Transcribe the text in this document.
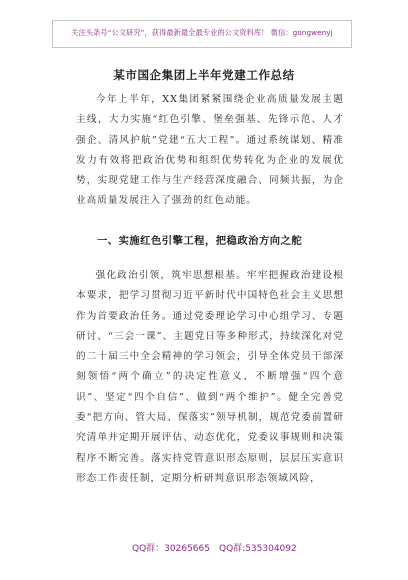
关注头条号“公文研究”，获得最新最全最专业的公文资料库！ 微信：gongwenyj
某市国企集团上半年党建工作总结

今年上半年，XX集团紧紧围绕企业高质量发展主题主线，大力实施“红色引擎、堡垒强基、先锋示范、人才强企、清风护航”党建“五大工程”。通过系统谋划、精准发力有效将把政治优势和组织优势转化为企业的发展优势，实现党建工作与生产经营深度融合、同频共振，为企业高质量发展注入了强劲的红色动能。

一、实施红色引擎工程，把稳政治方向之舵

强化政治引领，筑牢思想根基。牢牢把握政治建设根本要求，把学习贯彻习近平新时代中国特色社会主义思想作为首要政治任务。通过党委理论学习中心组学习、专题研讨、“三会一课”、主题党日等多种形式，持续深化对党的二十届三中全会精神的学习领会，引导全体党员干部深刻领悟“两个确立”的决定性意义，不断增强“四个意识”、坚定“四个自信”、做到“两个维护”。健全完善党委“把方向、管大局、保落实”领导机制，规范党委前置研究清单并定期开展评估、动态优化，党委议事规则和决策程序不断完善。落实持党管意识形态原则，层层压实意识形态工作责任制，定期分析研判意识形态领域风险，

QQ群：30265665 QQ群:535304092
